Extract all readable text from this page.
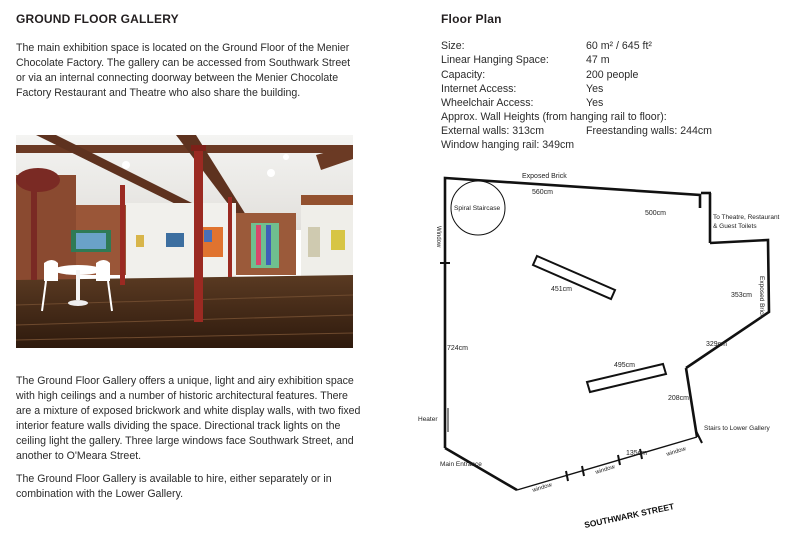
GROUND FLOOR GALLERY

The main exhibition space is located on the Ground Floor of the Menier Chocolate Factory. The gallery can be accessed from Southwark Street or via an internal connecting doorway between the Menier Chocolate Factory Restaurant and Theatre who also share the building.

The Ground Floor Gallery offers a unique, light and airy exhibition space with high ceilings and a number of historic architectural features. There are a mixture of exposed brickwork and white display walls, with two fixed interior feature walls dividing the space. Directional track lights on the ceiling light the gallery. Three large windows face Southwark Street, and another to O'Meara Street.

The Ground Floor Gallery is available to hire, either separately or in combination with the Lower Gallery.

Floor Plan
Size:	60 m² / 645 ft²
Linear Hanging Space:	47 m
Capacity:	200 people
Internet Access:	Yes
Wheelchair Access:	Yes
Approx. Wall Heights (from hanging rail to floor):
External walls: 313cm	Freestanding walls: 244cm
Window hanging rail: 349cm
Exposed Brick
560cm
500cm
Spiral Staircase
To Theatre, Restaurant
& Guest Toilets
451cm
353cm
724cm
329cm
495cm
208cm
Heater
Stairs to Lower Gallery
135cm
Main Entrance
Window
Exposed Brick
window
window
window
SOUTHWARK STREET
